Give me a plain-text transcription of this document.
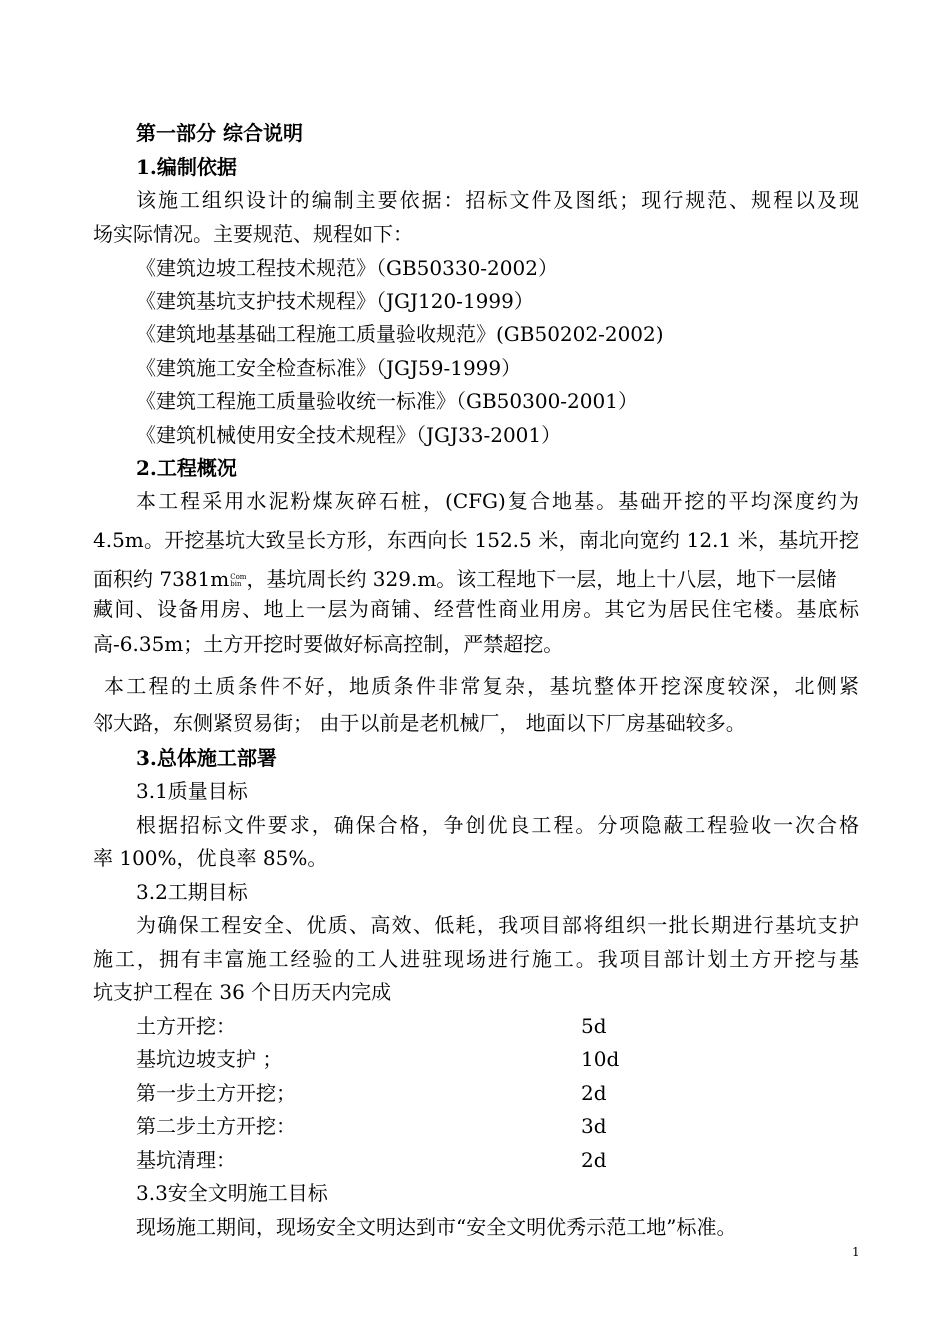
第一部分 综合说明
1.编制依据
该施工组织设计的编制主要依据：招标文件及图纸；现行规范、规程以及现
场实际情况。主要规范、规程如下：
《建筑边坡工程技术规范》（GB50330-2002）
《建筑基坑支护技术规程》（JGJ120-1999）
《建筑地基基础工程施工质量验收规范》(GB50202-2002)
《建筑施工安全检查标准》（JGJ59-1999）
《建筑工程施工质量验收统一标准》（GB50300-2001）
《建筑机械使用安全技术规程》（JGJ33-2001）
2.工程概况
本工程采用水泥粉煤灰碎石桩，(CFG)复合地基。基础开挖的平均深度约为
4.5m。开挖基坑大致呈长方形，东西向长 152.5 米，南北向宽约 12.1 米，基坑开挖
面积约 7381m Com
bin ，基坑周长约 329.m。该工程地下一层，地上十八层，地下一层储
藏间、设备用房、地上一层为商铺、经营性商业用房。其它为居民住宅楼。基底标
高-6.35m；土方开挖时要做好标高控制，严禁超挖。
本工程的土质条件不好，地质条件非常复杂，基坑整体开挖深度较深，北侧紧
邻大路，东侧紧贸易街； 由于以前是老机械厂， 地面以下厂房基础较多。
3.总体施工部署
3.1质量目标
根据招标文件要求，确保合格，争创优良工程。分项隐蔽工程验收一次合格
率 100%，优良率 85%。
3.2工期目标
为确保工程安全、优质、高效、低耗，我项目部将组织一批长期进行基坑支护
施工，拥有丰富施工经验的工人进驻现场进行施工。我项目部计划土方开挖与基
坑支护工程在 36 个日历天内完成
土方开挖：	5d
基坑边坡支护 ；	10d
第一步土方开挖；	2d
第二步土方开挖：	3d
基坑清理：	2d
3.3安全文明施工目标
现场施工期间，现场安全文明达到市“安全文明优秀示范工地”标准。
1
